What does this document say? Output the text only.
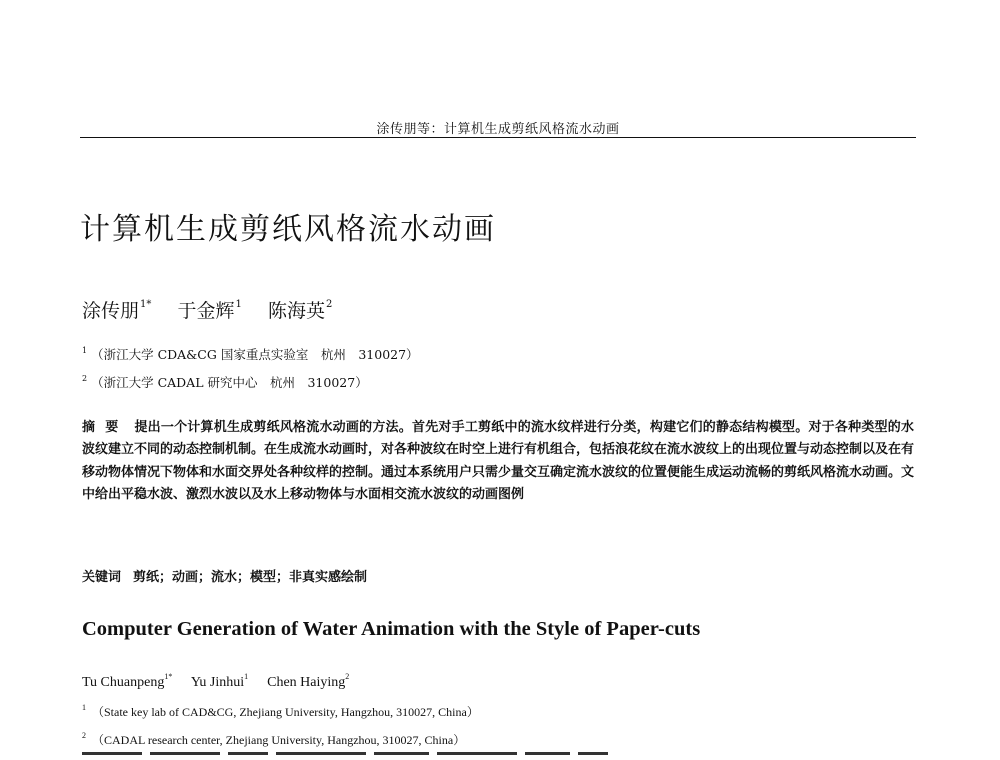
涂传朋等：计算机生成剪纸风格流水动画
计算机生成剪纸风格流水动画
涂传朋$^{1*}$ 于金辉$^1$ 陈海英$^2$
$^1$ （浙江大学 CDA&CG 国家重点实验室　杭州　310027）
$^2$ （浙江大学 CADAL 研究中心　杭州　310027）
摘要 提出一个计算机生成剪纸风格流水动画的方法。首先对手工剪纸中的流水纹样进行分类，构建它们的静态结构模型。对于各种类型的水波纹建立不同的动态控制机制。在生成流水动画时，对各种波纹在时空上进行有机组合，包括浪花纹在流水波纹上的出现位置与动态控制以及在有移动物体情况下物体和水面交界处各种纹样的控制。通过本系统用户只需少量交互确定流水波纹的位置便能生成运动流畅的剪纸风格流水动画。文中给出平稳水波、激烈水波以及水上移动物体与水面相交流水波纹的动画图例
关键词 剪纸；动画；流水；模型；非真实感绘制
Computer Generation of Water Animation with the Style of Paper-cuts
Tu Chuanpeng$^{1*}$ Yu Jinhui$^1$ Chen Haiying$^2$
$^1$ （State key lab of CAD&CG, Zhejiang University, Hangzhou, 310027, China）
$^2$ （CADAL research center, Zhejiang University, Hangzhou, 310027, China）
